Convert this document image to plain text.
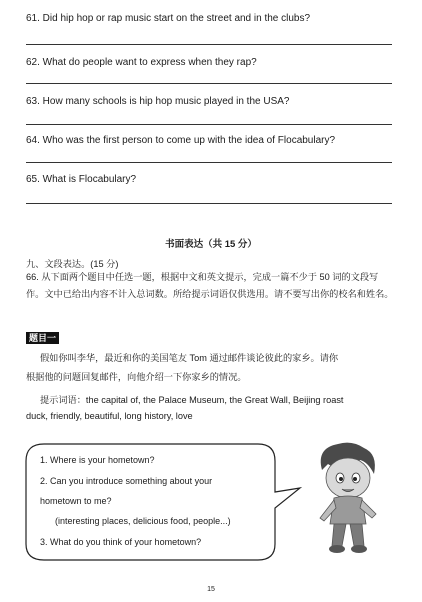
61. Did hip hop or rap music start on the street and in the clubs?
62. What do people want to express when they rap?
63. How many schools is hip hop music played in the USA?
64. Who was the first person to come up with the idea of Flocabulary?
65. What is Flocabulary?
书面表达（共 15 分）
九、文段表达。(15 分)
66. 从下面两个题目中任选一题，根据中文和英文提示，完成一篇不少于 50 词的文段写作。文中已给出内容不计入总词数。所给提示词语仅供选用。请不要写出你的校名和姓名。
题目一
假如你叫李华，最近和你的美国笔友 Tom 通过邮件谈论彼此的家乡。请你
根据他的问题回复邮件，向他介绍一下你家乡的情况。
提示词语：the capital of, the Palace Museum, the Great Wall, Beijing roast
duck, friendly, beautiful, long history, love
1. Where is your hometown?
2. Can you introduce something about your
hometown to me?
(interesting places, delicious food, people...)
3. What do you think of your hometown?
15
